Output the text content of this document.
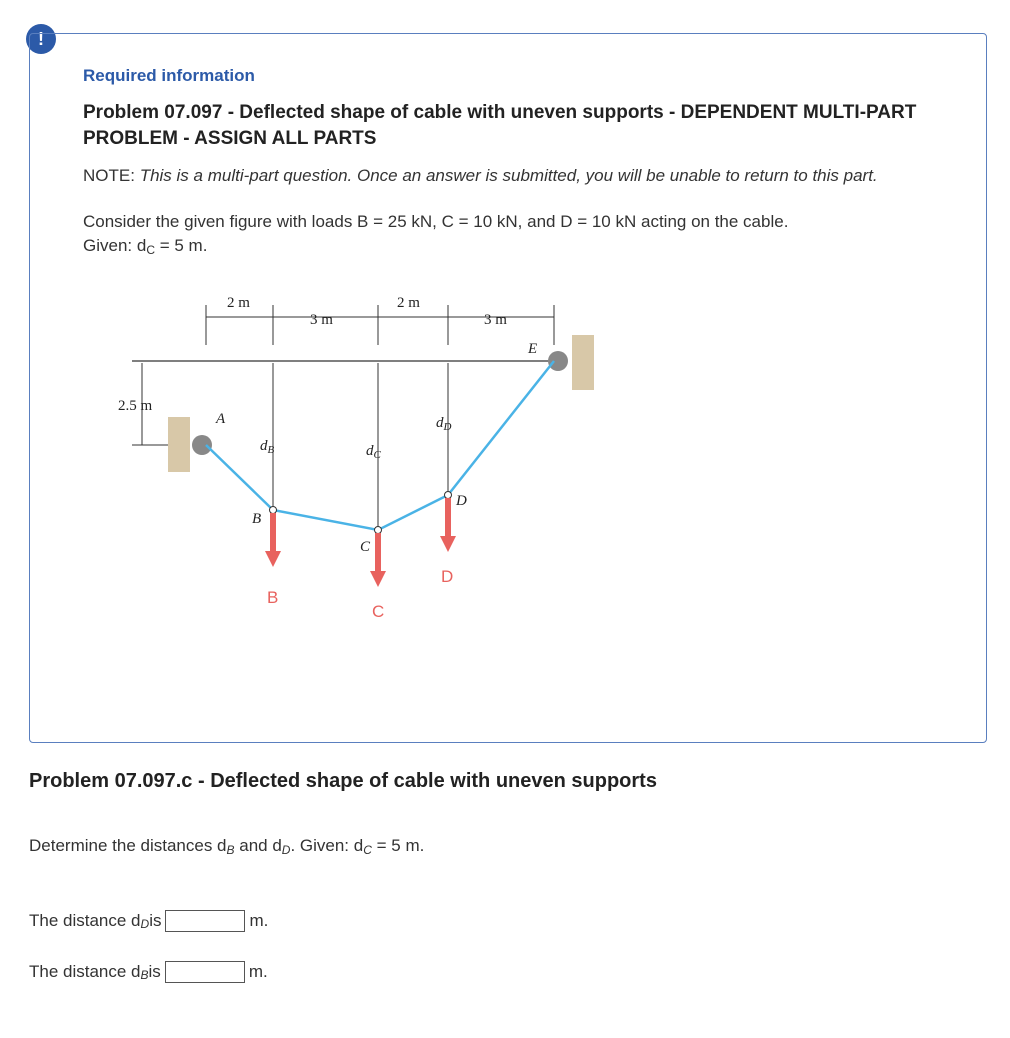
!
Required information
Problem 07.097 - Deflected shape of cable with uneven supports - DEPENDENT MULTI-PART PROBLEM - ASSIGN ALL PARTS
NOTE: This is a multi-part question. Once an answer is submitted, you will be unable to return to this part.
Consider the given figure with loads B = 25 kN, C = 10 kN, and D = 10 kN acting on the cable.
Given: dC = 5 m.
2 m
3 m
2 m
3 m
2.5 m
A
B
C
D
E
$d_B$	$d_C$
$d_D$
B
C
D
Problem 07.097.c - Deflected shape of cable with uneven supports
Determine the distances dB and dD. Given: dC = 5 m.
The distance d D is	m.
The distance d B is	m.
